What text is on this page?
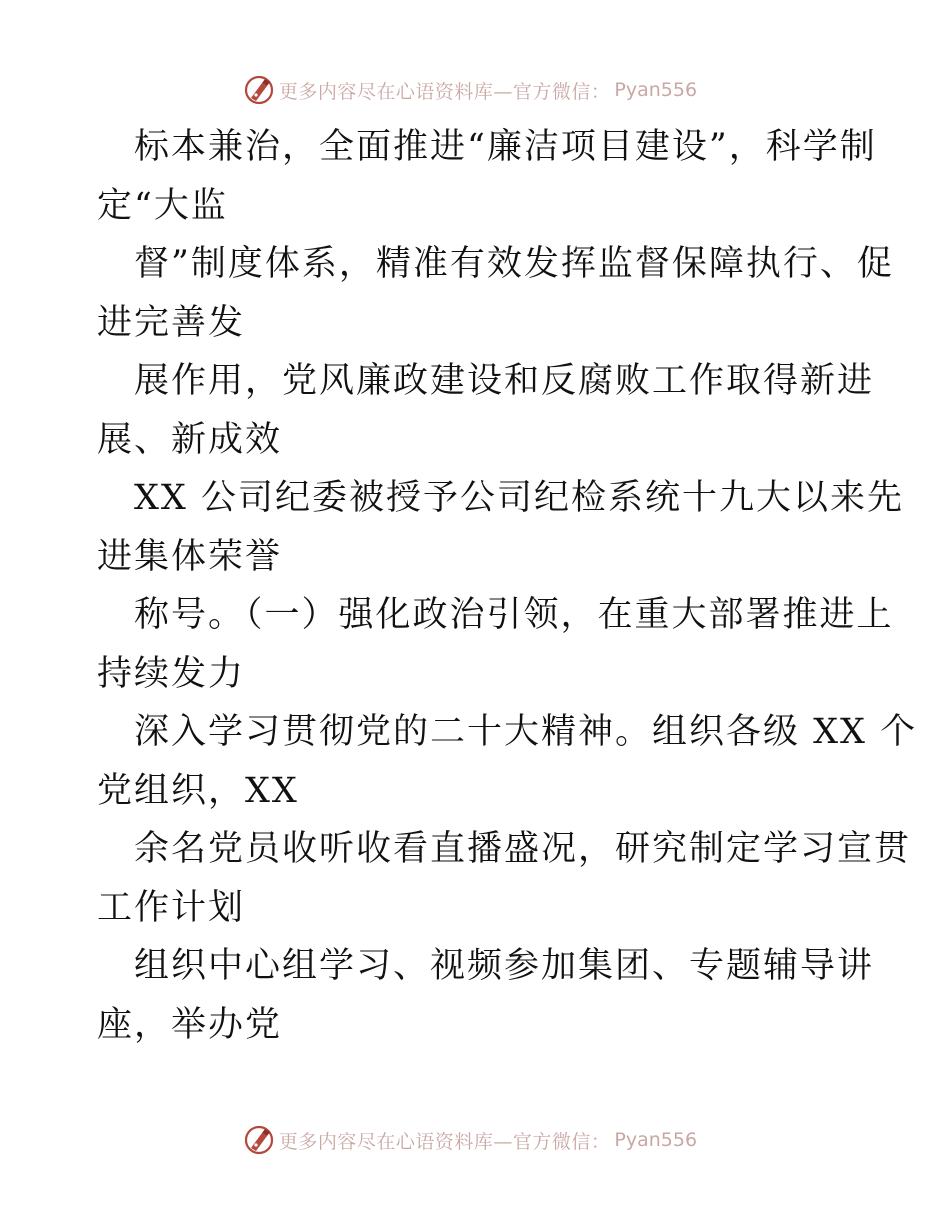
更多内容尽在心语资料库—官方微信： Pyan556
标本兼治，全面推进“廉洁项目建设”，科学制
定“大监
督”制度体系，精准有效发挥监督保障执行、促
进完善发
展作用，党风廉政建设和反腐败工作取得新进
展、新成效
XX 公司纪委被授予公司纪检系统十九大以来先
进集体荣誉
称号。（一）强化政治引领，在重大部署推进上
持续发力
深入学习贯彻党的二十大精神。组织各级 XX 个
党组织，XX
余名党员收听收看直播盛况，研究制定学习宣贯
工作计划
组织中心组学习、视频参加集团、专题辅导讲
座，举办党
更多内容尽在心语资料库—官方微信： Pyan556
